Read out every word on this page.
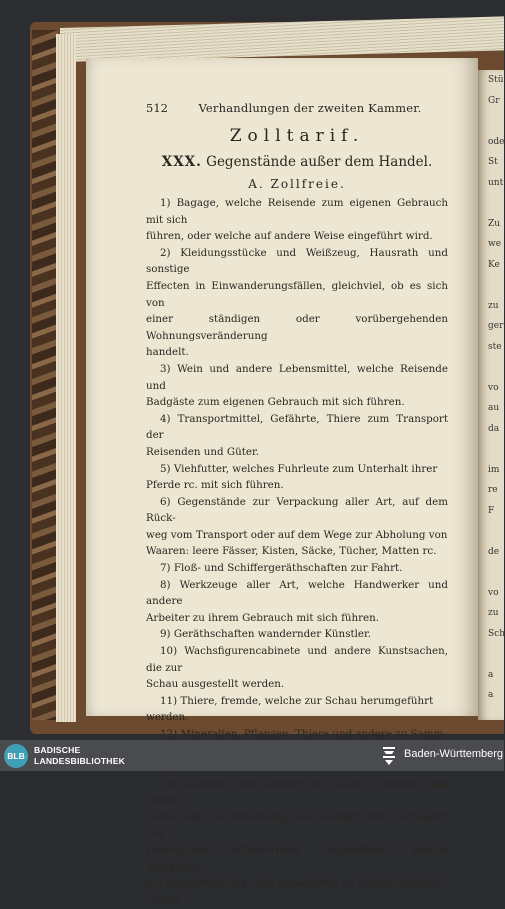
Stü
Gr
ode
St
unt
Zu
we
Ke
zu
ger
ste
vo
au
da
im
re
F
de
vo
zu
Sch
a
a
512	Verhandlungen der zweiten Kammer.
Zolltarif.
XXX. Gegenstände außer dem Handel.
A. Zollfreie.

1) Bagage, welche Reisende zum eigenen Gebrauch mit sich

führen, oder welche auf andere Weise eingeführt wird.

2) Kleidungsstücke und Weißzeug, Hausrath und sonstige

Effecten in Einwanderungsfällen, gleichviel, ob es sich von

einer ständigen oder vorübergehenden Wohnungsveränderung

handelt.

3) Wein und andere Lebensmittel, welche Reisende und

Badgäste zum eigenen Gebrauch mit sich führen.

4) Transportmittel, Gefährte, Thiere zum Transport der

Reisenden und Güter.

5) Viehfutter, welches Fuhrleute zum Unterhalt ihrer

Pferde rc. mit sich führen.

6) Gegenstände zur Verpackung aller Art, auf dem Rück-

weg vom Transport oder auf dem Wege zur Abholung von

Waaren: leere Fässer, Kisten, Säcke, Tücher, Matten rc.

7) Floß- und Schiffergeräthschaften zur Fahrt.

8) Werkzeuge aller Art, welche Handwerker und andere

Arbeiter zu ihrem Gebrauch mit sich führen.

9) Geräthschaften wandernder Künstler.

10) Wachsfigurencabinete und andere Kunstsachen, die zur

Schau ausgestellt werden.

11) Thiere, fremde, welche zur Schau herumgeführt werden.

12) Mineralien, Pflanzen, Thiere und andere zu Samm-

14) Aussaat, und andere zu Acker-, Wiesen- und Neben-

cultur oder zur Benützung von Steinbrüchen, Torflagern und

Lehmgruben erforderliche Gegenstände, welche Ausländer

auf eigenthümliche oder gepachtete, im Inland liegende Grund-

BLB
BADISCHE
LANDESBIBLIOTHEK
Baden-Württemberg
